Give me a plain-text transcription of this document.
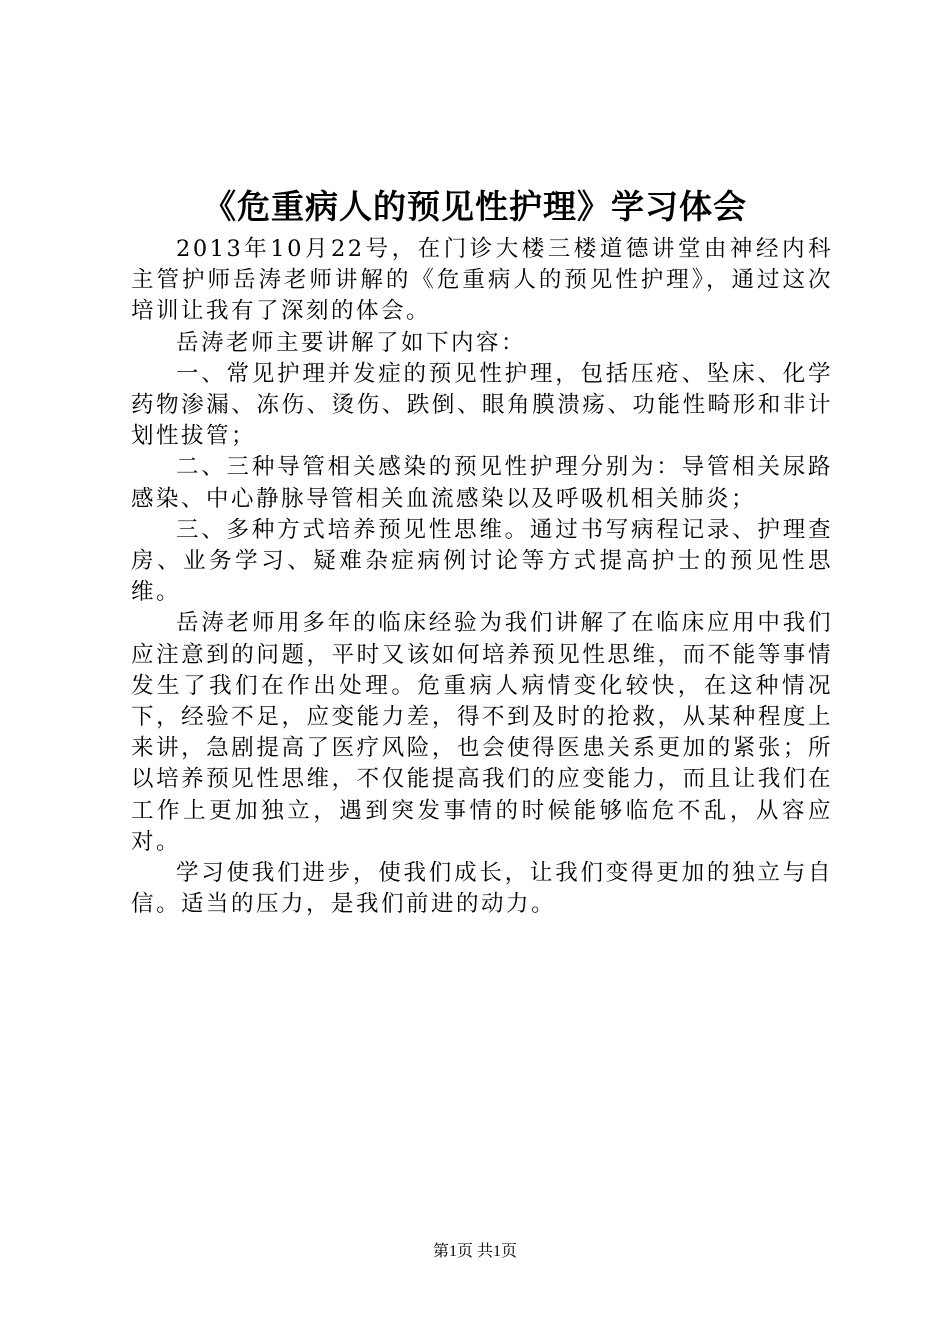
《危重病人的预见性护理》学习体会

2013年10月22号，在门诊大楼三楼道德讲堂由神经内科主管护师岳涛老师讲解的《危重病人的预见性护理》，通过这次培训让我有了深刻的体会。

岳涛老师主要讲解了如下内容：

一、常见护理并发症的预见性护理，包括压疮、坠床、化学药物渗漏、冻伤、烫伤、跌倒、眼角膜溃疡、功能性畸形和非计划性拔管；

二、三种导管相关感染的预见性护理分别为：导管相关尿路感染、中心静脉导管相关血流感染以及呼吸机相关肺炎；

三、多种方式培养预见性思维。通过书写病程记录、护理查房、业务学习、疑难杂症病例讨论等方式提高护士的预见性思维。

岳涛老师用多年的临床经验为我们讲解了在临床应用中我们应注意到的问题，平时又该如何培养预见性思维，而不能等事情发生了我们在作出处理。危重病人病情变化较快，在这种情况下，经验不足，应变能力差，得不到及时的抢救，从某种程度上来讲，急剧提高了医疗风险，也会使得医患关系更加的紧张；所以培养预见性思维，不仅能提高我们的应变能力，而且让我们在工作上更加独立，遇到突发事情的时候能够临危不乱，从容应对。

学习使我们进步，使我们成长，让我们变得更加的独立与自信。适当的压力，是我们前进的动力。

第1页 共1页
